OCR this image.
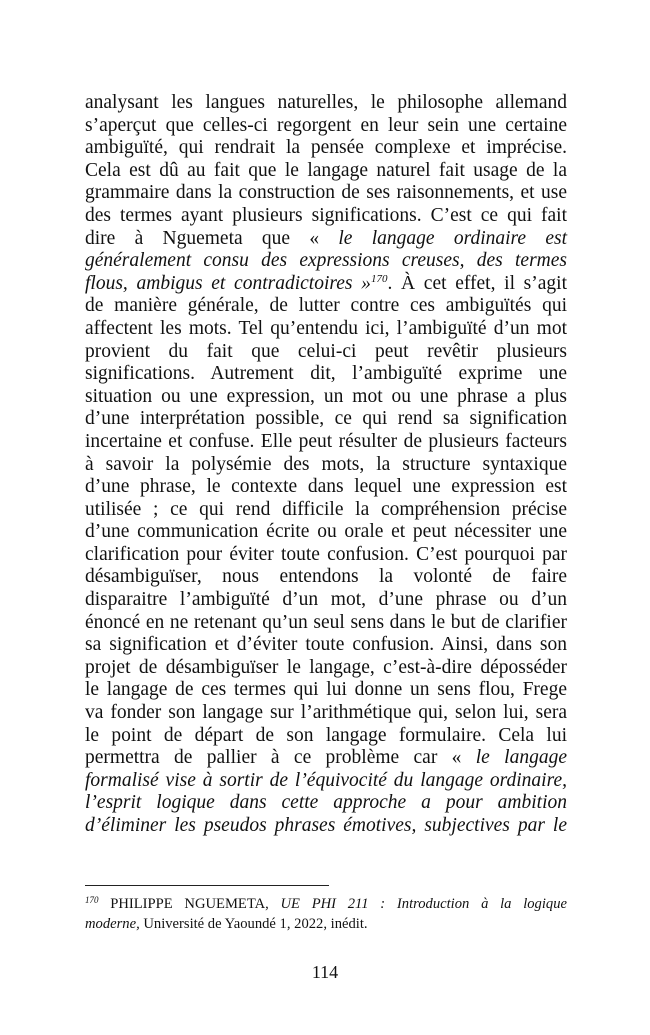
analysant les langues naturelles, le philosophe allemand
s’aperçut que celles-ci regorgent en leur sein une certaine
ambiguïté, qui rendrait la pensée complexe et imprécise.
Cela est dû au fait que le langage naturel fait usage de la
grammaire dans la construction de ses raisonnements, et use
des termes ayant plusieurs significations. C’est ce qui fait
dire à Nguemeta que « le langage ordinaire est
généralement consu des expressions creuses, des termes
flous, ambigus et contradictoires »$^{170}$. À cet effet, il s’agit
de manière générale, de lutter contre ces ambiguïtés qui
affectent les mots. Tel qu’entendu ici, l’ambiguïté d’un mot
provient du fait que celui-ci peut revêtir plusieurs
significations. Autrement dit, l’ambiguïté exprime une
situation ou une expression, un mot ou une phrase a plus
d’une interprétation possible, ce qui rend sa signification
incertaine et confuse. Elle peut résulter de plusieurs facteurs
à savoir la polysémie des mots, la structure syntaxique
d’une phrase, le contexte dans lequel une expression est
utilisée ; ce qui rend difficile la compréhension précise
d’une communication écrite ou orale et peut nécessiter une
clarification pour éviter toute confusion. C’est pourquoi par
désambiguïser, nous entendons la volonté de faire
disparaitre l’ambiguïté d’un mot, d’une phrase ou d’un
énoncé en ne retenant qu’un seul sens dans le but de clarifier
sa signification et d’éviter toute confusion. Ainsi, dans son
projet de désambiguïser le langage, c’est-à-dire déposséder
le langage de ces termes qui lui donne un sens flou, Frege
va fonder son langage sur l’arithmétique qui, selon lui, sera
le point de départ de son langage formulaire. Cela lui
permettra de pallier à ce problème car « le langage
formalisé vise à sortir de l’équivocité du langage ordinaire,
l’esprit logique dans cette approche a pour ambition
d’éliminer les pseudos phrases émotives, subjectives par le
$^{170}$ PHILIPPE NGUEMETA, UE PHI 211 : Introduction à la logique
moderne, Université de Yaoundé 1, 2022, inédit.
114
